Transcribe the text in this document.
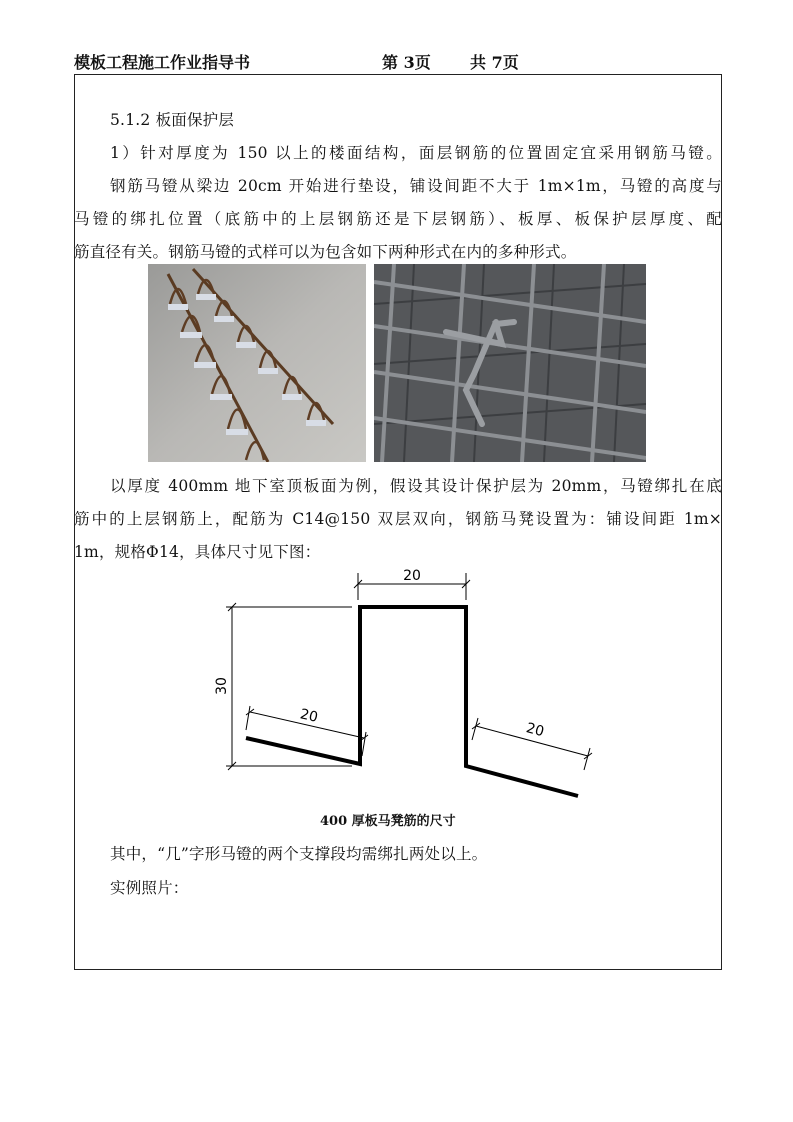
模板工程施工作业指导书	第 3页 共 7页
5.1.2 板面保护层
1）针对厚度为 150 以上的楼面结构，面层钢筋的位置固定宜采用钢筋马镫。
钢筋马镫从梁边 20cm 开始进行垫设，铺设间距不大于 1m×1m，马镫的高度与
马镫的绑扎位置（底筋中的上层钢筋还是下层钢筋）、板厚、板保护层厚度、配
筋直径有关。钢筋马镫的式样可以为包含如下两种形式在内的多种形式。
以厚度 400mm 地下室顶板面为例，假设其设计保护层为 20mm，马镫绑扎在底
筋中的上层钢筋上，配筋为 C14@150 双层双向，钢筋马凳设置为：铺设间距 1m×
1m，规格Φ14，具体尺寸见下图：
20
30
20
20
400 厚板马凳筋的尺寸
其中，“几”字形马镫的两个支撑段均需绑扎两处以上。
实例照片：
